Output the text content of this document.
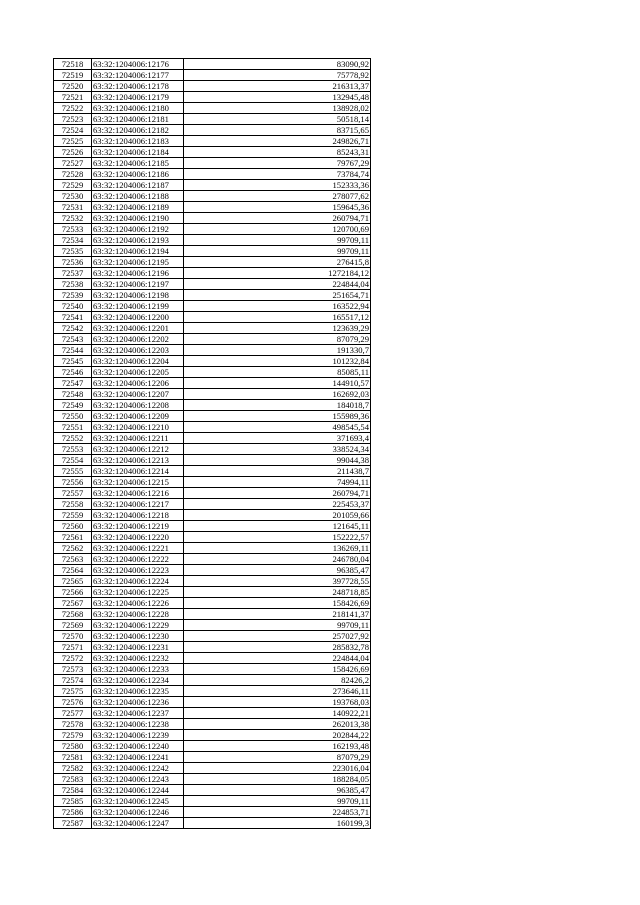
72518	63:32:1204006:12176	83090,92
72519	63:32:1204006:12177	75778,92
72520	63:32:1204006:12178	216313,37
72521	63:32:1204006:12179	132945,48
72522	63:32:1204006:12180	138928,02
72523	63:32:1204006:12181	50518,14
72524	63:32:1204006:12182	83715,65
72525	63:32:1204006:12183	249826,71
72526	63:32:1204006:12184	85243,31
72527	63:32:1204006:12185	79767,29
72528	63:32:1204006:12186	73784,74
72529	63:32:1204006:12187	152333,36
72530	63:32:1204006:12188	278077,62
72531	63:32:1204006:12189	159645,36
72532	63:32:1204006:12190	260794,71
72533	63:32:1204006:12192	120700,69
72534	63:32:1204006:12193	99709,11
72535	63:32:1204006:12194	99709,11
72536	63:32:1204006:12195	276415,8
72537	63:32:1204006:12196	1272184,12
72538	63:32:1204006:12197	224844,04
72539	63:32:1204006:12198	251654,71
72540	63:32:1204006:12199	163522,94
72541	63:32:1204006:12200	165517,12
72542	63:32:1204006:12201	123639,29
72543	63:32:1204006:12202	87079,29
72544	63:32:1204006:12203	191330,7
72545	63:32:1204006:12204	101232,84
72546	63:32:1204006:12205	85085,11
72547	63:32:1204006:12206	144910,57
72548	63:32:1204006:12207	162692,03
72549	63:32:1204006:12208	184018,7
72550	63:32:1204006:12209	155989,36
72551	63:32:1204006:12210	498545,54
72552	63:32:1204006:12211	371693,4
72553	63:32:1204006:12212	338524,34
72554	63:32:1204006:12213	99044,38
72555	63:32:1204006:12214	211438,7
72556	63:32:1204006:12215	74994,11
72557	63:32:1204006:12216	260794,71
72558	63:32:1204006:12217	225453,37
72559	63:32:1204006:12218	201059,66
72560	63:32:1204006:12219	121645,11
72561	63:32:1204006:12220	152222,57
72562	63:32:1204006:12221	136269,11
72563	63:32:1204006:12222	246780,04
72564	63:32:1204006:12223	96385,47
72565	63:32:1204006:12224	397728,55
72566	63:32:1204006:12225	248718,85
72567	63:32:1204006:12226	158426,69
72568	63:32:1204006:12228	218141,37
72569	63:32:1204006:12229	99709,11
72570	63:32:1204006:12230	257027,92
72571	63:32:1204006:12231	285832,78
72572	63:32:1204006:12232	224844,04
72573	63:32:1204006:12233	158426,69
72574	63:32:1204006:12234	82426,2
72575	63:32:1204006:12235	273646,11
72576	63:32:1204006:12236	193768,03
72577	63:32:1204006:12237	140922,21
72578	63:32:1204006:12238	262013,38
72579	63:32:1204006:12239	202844,22
72580	63:32:1204006:12240	162193,48
72581	63:32:1204006:12241	87079,29
72582	63:32:1204006:12242	223016,04
72583	63:32:1204006:12243	188284,05
72584	63:32:1204006:12244	96385,47
72585	63:32:1204006:12245	99709,11
72586	63:32:1204006:12246	224853,71
72587	63:32:1204006:12247	160199,3
